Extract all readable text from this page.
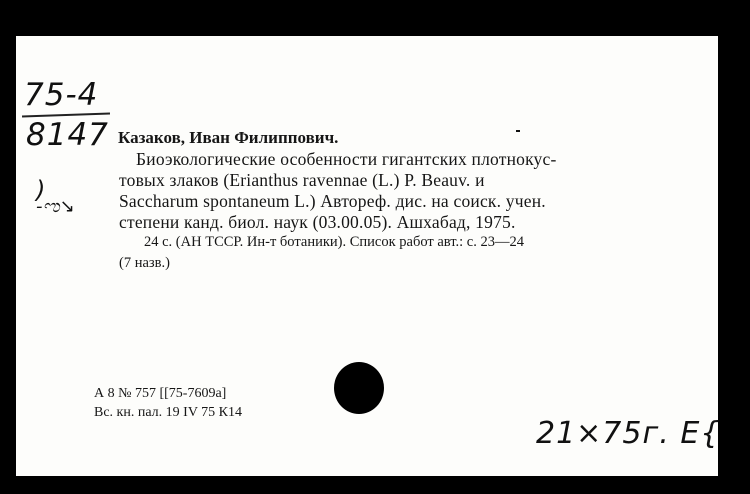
75-4
8147 Казаков, Иван Филиппович.
Биоэкологические особенности гигантских плотнокус-
товых злаков (Erianthus ravennae (L.) P. Beauv. и
Saccharum spontaneum L.) Автореф. дис. на соиск. учен.
степени канд. биол. наук (03.00.05). Ашхабад, 1975.
24 с. (АН ТССР. Ин-т ботаники). Список работ авт.: с. 23—24
(7 назв.)
)
-ಌ↘
А 8 № 757 [[75-7609а]
Вс. кн. пал. 19 IV 75 К14
21×75г. Е{
